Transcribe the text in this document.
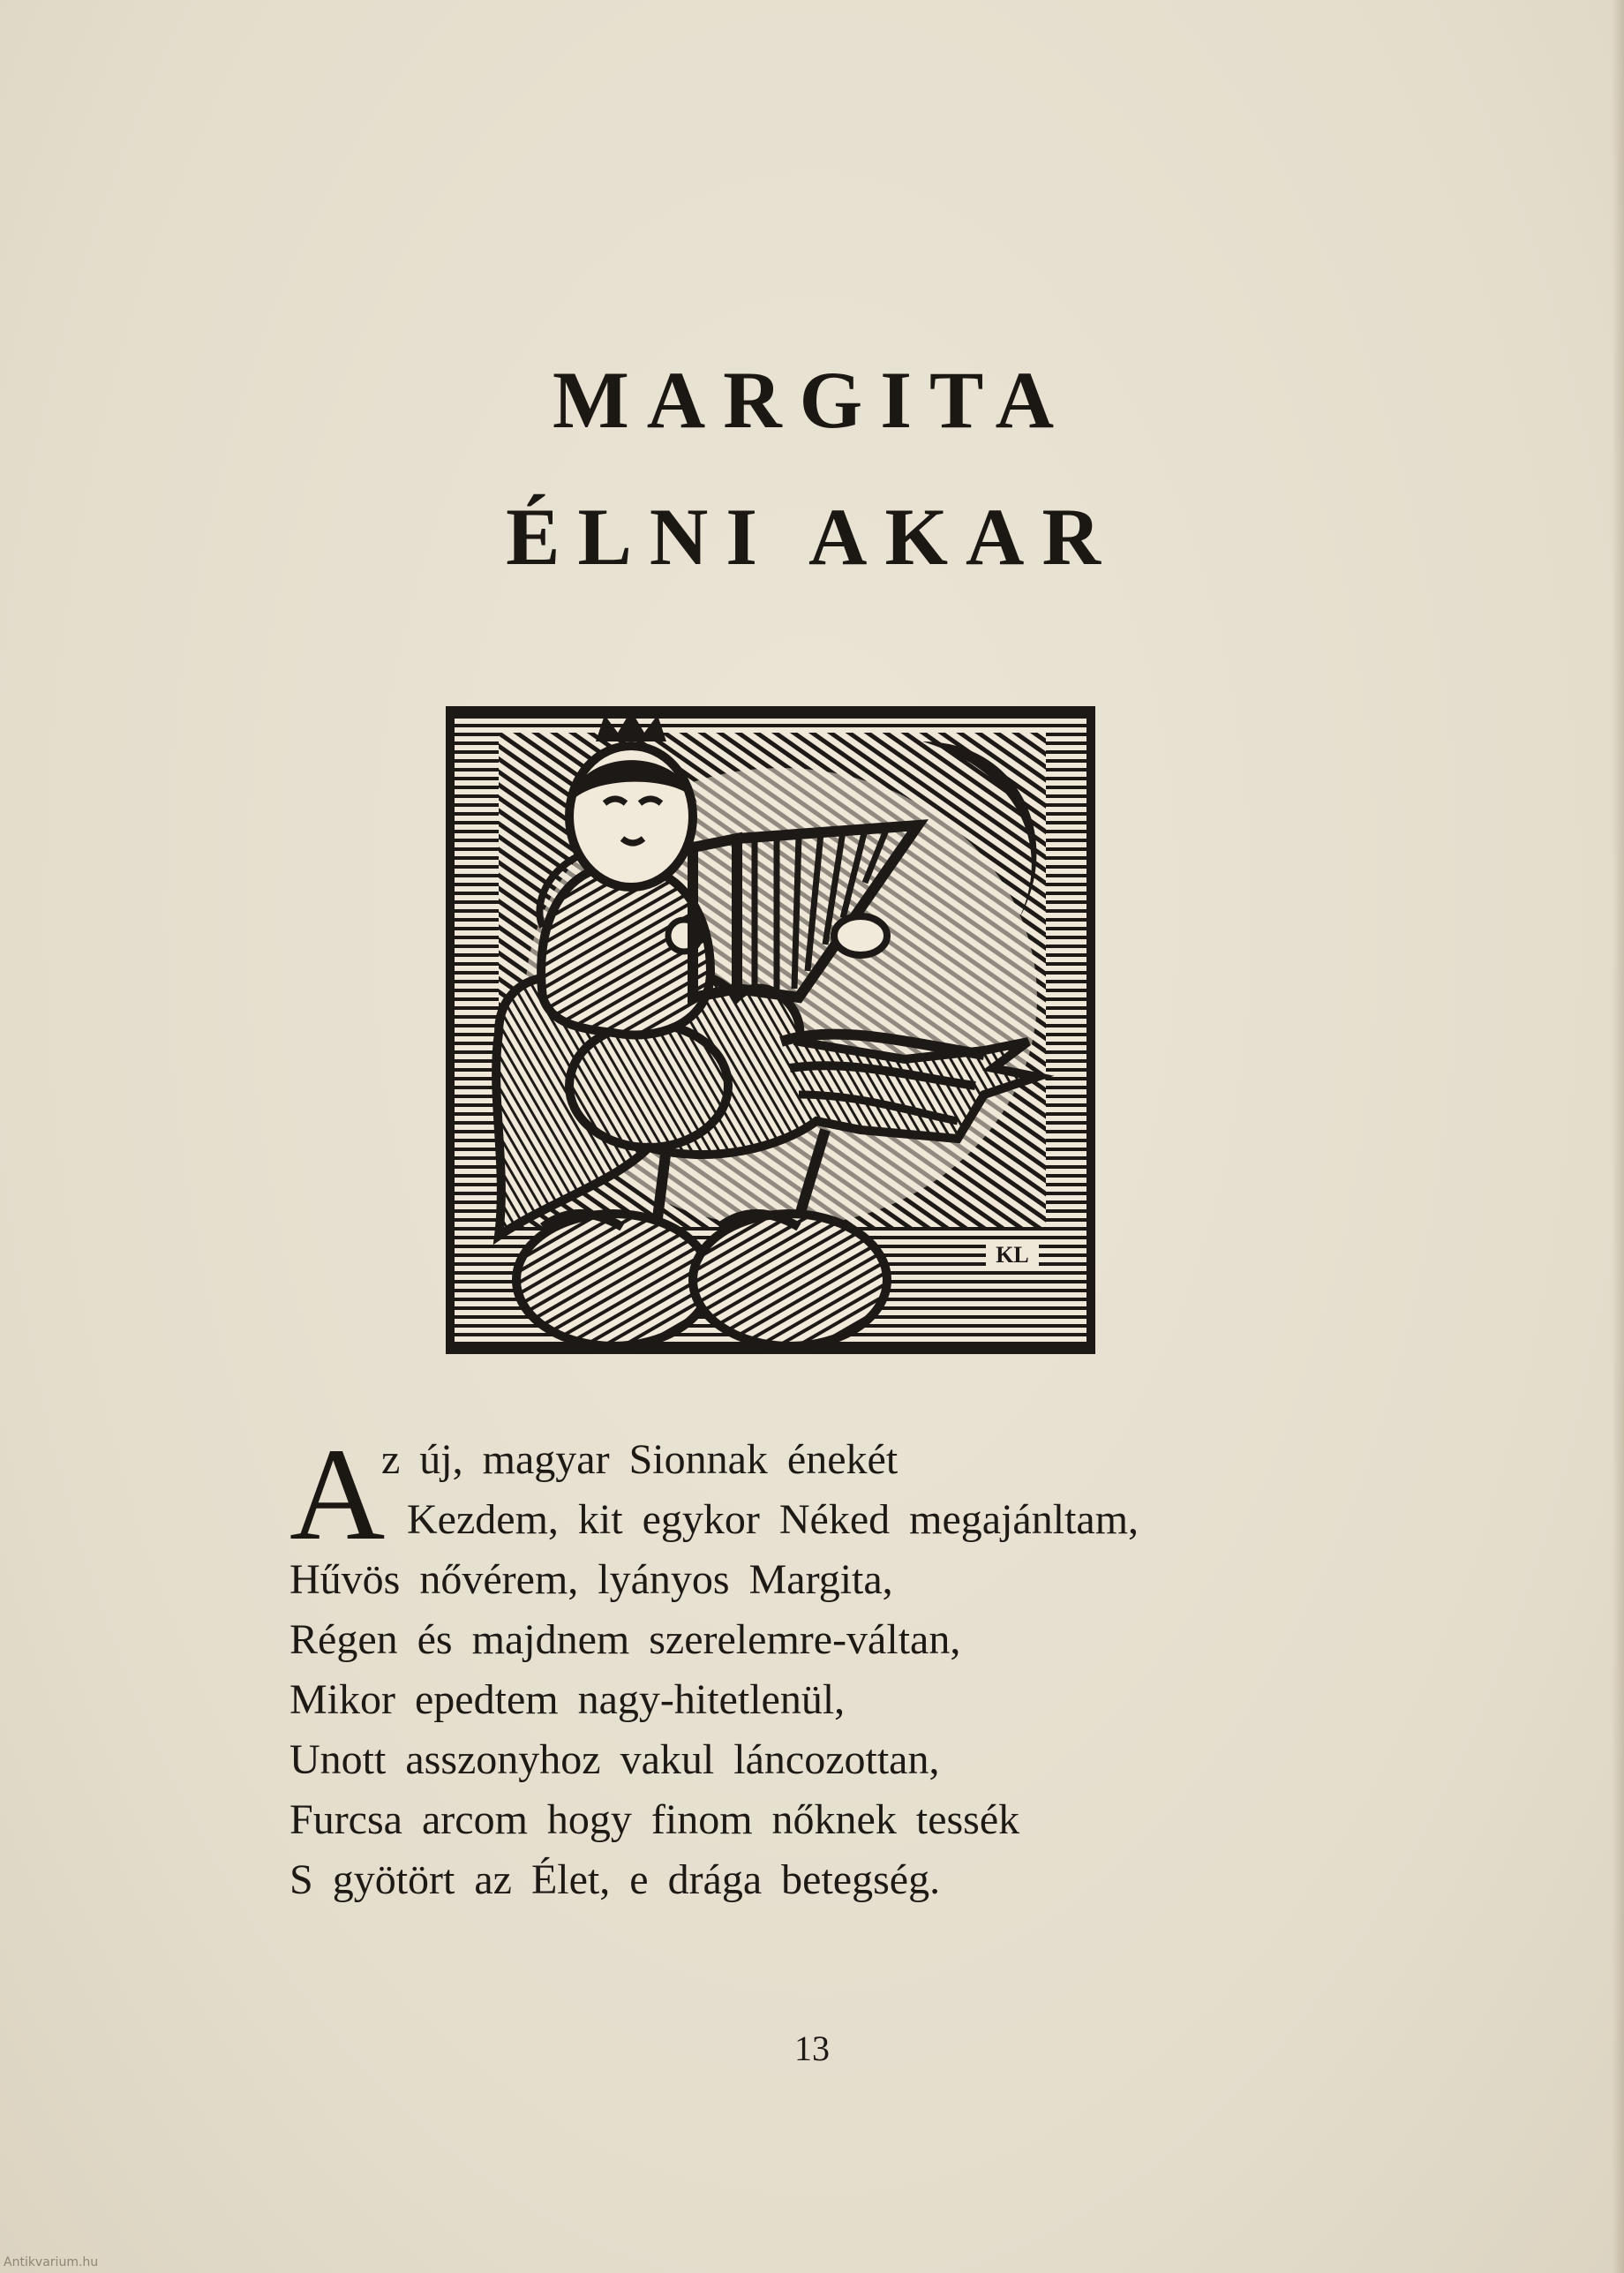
MARGITA
ÉLNI AKAR
KL
A
z új, magyar Sionnak énekét
Kezdem, kit egykor Néked megajánltam,
Hűvös nővérem, lyányos Margita,
Régen és majdnem szerelemre-váltan,
Mikor epedtem nagy-hitetlenül,
Unott asszonyhoz vakul láncozottan,
Furcsa arcom hogy finom nőknek tessék
S gyötört az Élet, e drága betegség.
13
Antikvarium.hu
